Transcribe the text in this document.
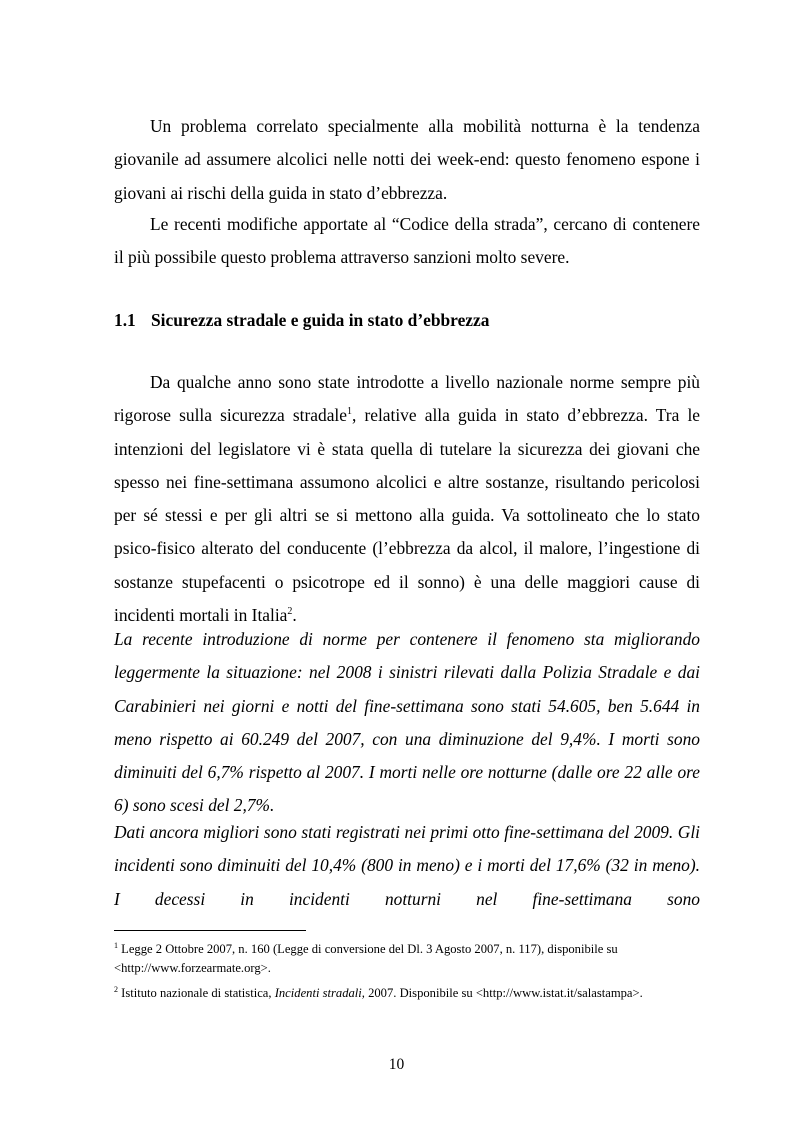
Un problema correlato specialmente alla mobilità notturna è la tendenza giovanile ad assumere alcolici nelle notti dei week-end: questo fenomeno espone i giovani ai rischi della guida in stato d’ebbrezza.

Le recenti modifiche apportate al “Codice della strada”, cercano di contenere il più possibile questo problema attraverso sanzioni molto severe.

1.1 Sicurezza stradale e guida in stato d’ebbrezza

Da qualche anno sono state introdotte a livello nazionale norme sempre più rigorose sulla sicurezza stradale$^1$, relative alla guida in stato d’ebbrezza. Tra le intenzioni del legislatore vi è stata quella di tutelare la sicurezza dei giovani che spesso nei fine-settimana assumono alcolici e altre sostanze, risultando pericolosi per sé stessi e per gli altri se si mettono alla guida. Va sottolineato che lo stato psico-fisico alterato del conducente (l’ebbrezza da alcol, il malore, l’ingestione di sostanze stupefacenti o psicotrope ed il sonno) è una delle maggiori cause di incidenti mortali in Italia$^2$.

La recente introduzione di norme per contenere il fenomeno sta migliorando leggermente la situazione: nel 2008 i sinistri rilevati dalla Polizia Stradale e dai Carabinieri nei giorni e notti del fine-settimana sono stati 54.605, ben 5.644 in meno rispetto ai 60.249 del 2007, con una diminuzione del 9,4%. I morti sono diminuiti del 6,7% rispetto al 2007. I morti nelle ore notturne (dalle ore 22 alle ore 6) sono scesi del 2,7%.

Dati ancora migliori sono stati registrati nei primi otto fine-settimana del 2009. Gli incidenti sono diminuiti del 10,4% (800 in meno) e i morti del 17,6% (32 in meno). I decessi in incidenti notturni nel fine-settimana sono

$^1$ Legge 2 Ottobre 2007, n. 160 (Legge di conversione del Dl. 3 Agosto 2007, n. 117), disponibile su <http://www.forzearmate.org>.

$^2$ Istituto nazionale di statistica, Incidenti stradali, 2007. Disponibile su <http://www.istat.it/salastampa>.

10
